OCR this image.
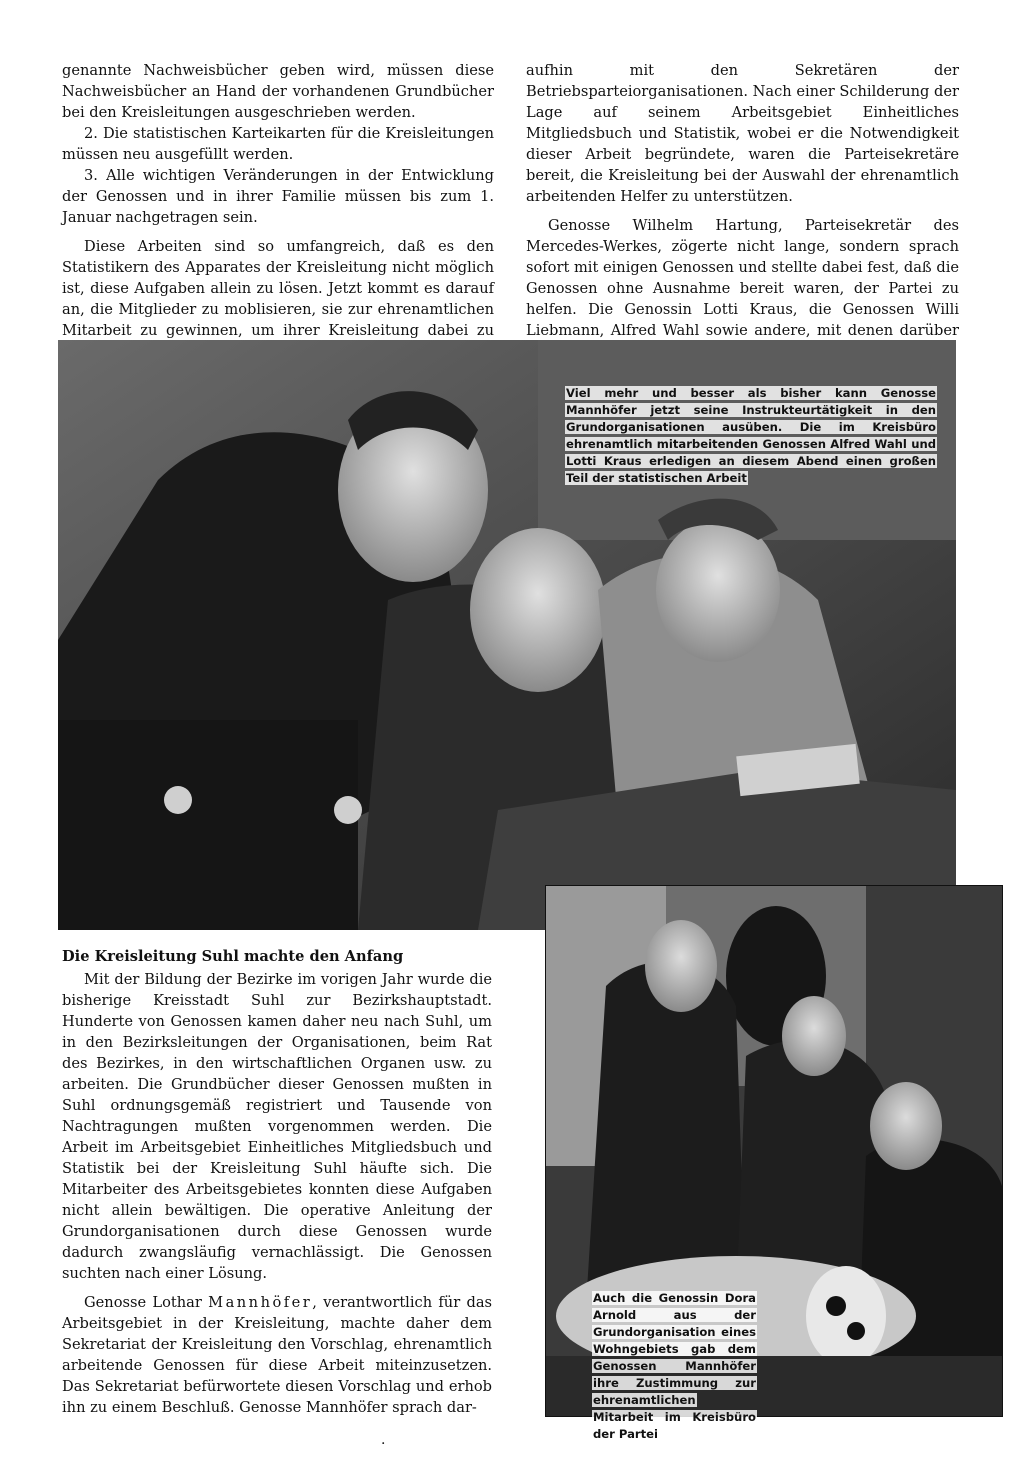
genannte Nachweisbücher geben wird, müssen diese Nachweisbücher an Hand der vorhandenen Grundbücher bei den Kreisleitungen ausgeschrieben werden.

2. Die statistischen Karteikarten für die Kreisleitungen müssen neu ausgefüllt werden.

3. Alle wichtigen Veränderungen in der Entwicklung der Genossen und in ihrer Familie müssen bis zum 1. Januar nachgetragen sein.

Diese Arbeiten sind so umfangreich, daß es den Statistikern des Apparates der Kreisleitung nicht möglich ist, diese Aufgaben allein zu lösen. Jetzt kommt es darauf an, die Mitglieder zu moblisieren, sie zur ehrenamtlichen Mitarbeit zu gewinnen, um ihrer Kreisleitung dabei zu

aufhin mit den Sekretären der Betriebsparteiorganisationen. Nach einer Schilderung der Lage auf seinem Arbeitsgebiet Einheitliches Mitgliedsbuch und Statistik, wobei er die Notwendigkeit dieser Arbeit begründete, waren die Parteisekretäre bereit, die Kreisleitung bei der Auswahl der ehrenamtlich arbeitenden Helfer zu unterstützen.

Genosse Wilhelm Hartung, Parteisekretär des Mercedes-Werkes, zögerte nicht lange, sondern sprach sofort mit einigen Genossen und stellte dabei fest, daß die Genossen ohne Ausnahme bereit waren, der Partei zu helfen. Die Genossin Lotti Kraus, die Genossen Willi Liebmann, Alfred Wahl sowie andere, mit denen darüber

Viel mehr und besser als bisher kann Genosse Mannhöfer jetzt seine Instrukteurtätigkeit in den Grundorganisationen ausüben. Die im Kreisbüro ehrenamtlich mitarbeitenden Genossen Alfred Wahl und Lotti Kraus erledigen an diesem Abend einen großen Teil der statistischen Arbeit

Die Kreisleitung Suhl machte den Anfang

Mit der Bildung der Bezirke im vorigen Jahr wurde die bisherige Kreisstadt Suhl zur Bezirkshauptstadt. Hunderte von Genossen kamen daher neu nach Suhl, um in den Bezirksleitungen der Organisationen, beim Rat des Bezirkes, in den wirtschaftlichen Organen usw. zu arbeiten. Die Grundbücher dieser Genossen mußten in Suhl ordnungsgemäß registriert und Tausende von Nachtragungen mußten vorgenommen werden. Die Arbeit im Arbeitsgebiet Einheitliches Mitgliedsbuch und Statistik bei der Kreisleitung Suhl häufte sich. Die Mitarbeiter des Arbeitsgebietes konnten diese Aufgaben nicht allein bewältigen. Die operative Anleitung der Grundorganisationen durch diese Genossen wurde dadurch zwangsläufig vernachlässigt. Die Genossen suchten nach einer Lösung.

Genosse Lothar Mannhöfer, verantwortlich für das Arbeitsgebiet in der Kreisleitung, machte daher dem Sekretariat der Kreisleitung den Vorschlag, ehrenamtlich arbeitende Genossen für diese Arbeit miteinzusetzen. Das Sekretariat befürwortete diesen Vorschlag und erhob ihn zu einem Beschluß. Genosse Mannhöfer sprach dar-

Auch die Genossin Dora Arnold aus der Grundorganisation eines Wohngebiets gab dem Genossen Mannhöfer ihre Zustimmung zur ehrenamtlichen Mitarbeit im Kreisbüro der Partei
·
